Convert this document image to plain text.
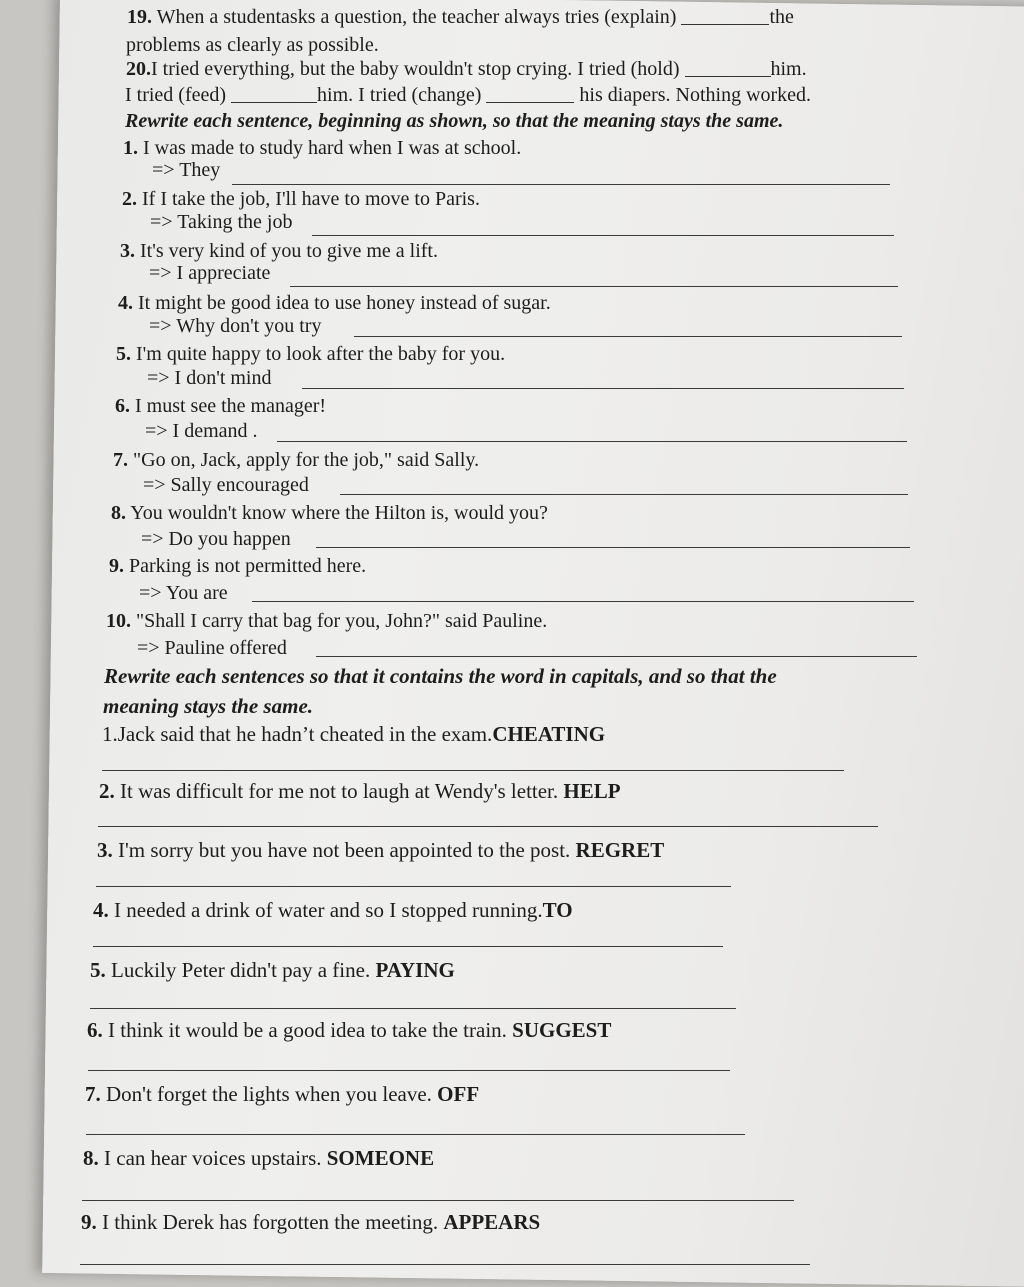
19. When a studentasks a question, the teacher always tries (explain)	the
problems as clearly as possible.
20.I tried everything, but the baby wouldn't stop crying. I tried (hold)	him.
I tried (feed)	him. I tried (change)	his diapers. Nothing worked.
Rewrite each sentence, beginning as shown, so that the meaning stays the same.
1. I was made to study hard when I was at school.
=> They
2. If I take the job, I'll have to move to Paris.
=> Taking the job
3. It's very kind of you to give me a lift.
=> I appreciate
4. It might be good idea to use honey instead of sugar.
=> Why don't you try
5. I'm quite happy to look after the baby for you.
=> I don't mind
6. I must see the manager!
=> I demand .
7. "Go on, Jack, apply for the job," said Sally.
=> Sally encouraged
8. You wouldn't know where the Hilton is, would you?
=> Do you happen
9. Parking is not permitted here.
=> You are
10. "Shall I carry that bag for you, John?" said Pauline.
=> Pauline offered
Rewrite each sentences so that it contains the word in capitals, and so that the
meaning stays the same.
1.Jack said that he hadn’t cheated in the exam.CHEATING
2. It was difficult for me not to laugh at Wendy's letter. HELP
3. I'm sorry but you have not been appointed to the post. REGRET
4. I needed a drink of water and so I stopped running.TO
5. Luckily Peter didn't pay a fine. PAYING
6. I think it would be a good idea to take the train. SUGGEST
7. Don't forget the lights when you leave. OFF
8. I can hear voices upstairs. SOMEONE
9. I think Derek has forgotten the meeting. APPEARS
